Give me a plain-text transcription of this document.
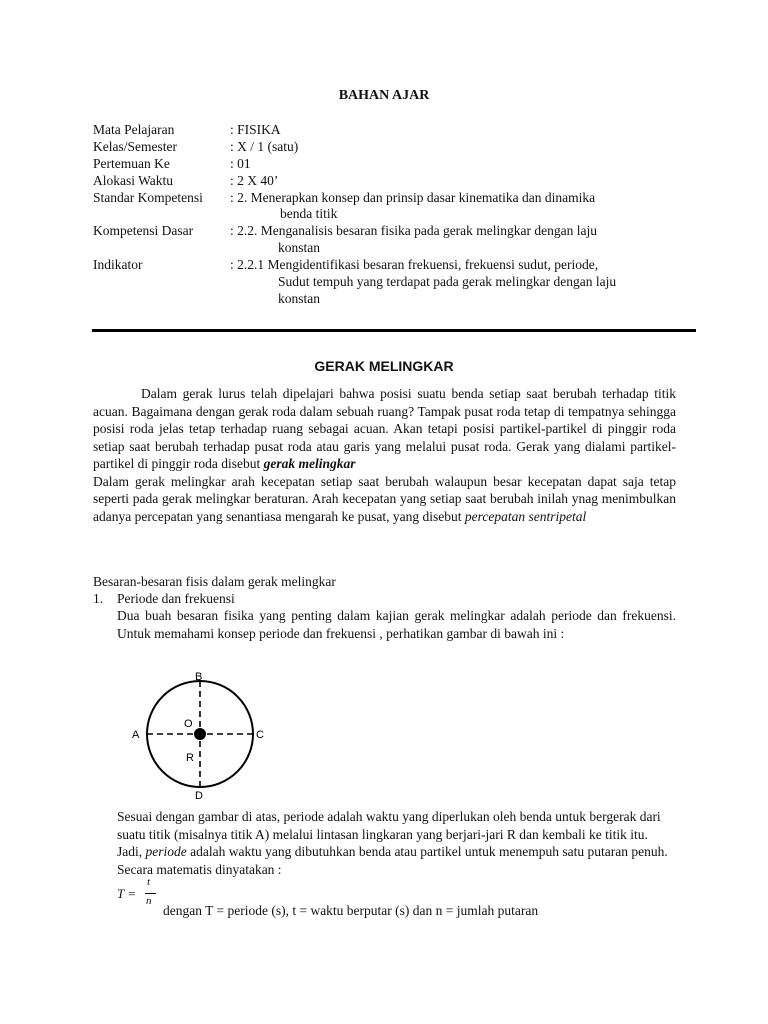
BAHAN AJAR
Mata Pelajaran	: FISIKA
Kelas/Semester	: X / 1 (satu)
Pertemuan Ke	: 01
Alokasi Waktu	: 2 X 40’
Standar Kompetensi : 2. Menerapkan konsep dan prinsip dasar kinematika dan dinamika
benda titik
Kompetensi Dasar	: 2.2. Menganalisis besaran fisika pada gerak melingkar dengan laju
konstan
Indikator	: 2.2.1 Mengidentifikasi besaran frekuensi, frekuensi sudut, periode,
Sudut tempuh yang terdapat pada gerak melingkar dengan laju
konstan
GERAK MELINGKAR

Dalam gerak lurus telah dipelajari bahwa posisi suatu benda setiap saat berubah terhadap titik acuan. Bagaimana dengan gerak roda dalam sebuah ruang? Tampak pusat roda tetap di tempatnya sehingga posisi roda jelas tetap terhadap ruang sebagai acuan. Akan tetapi posisi partikel-partikel di pinggir roda setiap saat berubah terhadap pusat roda atau garis yang melalui pusat roda. Gerak yang dialami partikel-partikel di pinggir roda disebut gerak melingkar

Dalam gerak melingkar arah kecepatan setiap saat berubah walaupun besar kecepatan dapat saja tetap seperti pada gerak melingkar beraturan. Arah kecepatan yang setiap saat berubah inilah ynag menimbulkan adanya percepatan yang senantiasa mengarah ke pusat, yang disebut percepatan sentripetal

Besaran-besaran fisis dalam gerak melingkar
1. Periode dan frekuensi
Dua buah besaran fisika yang penting dalam kajian gerak melingkar adalah periode dan frekuensi. Untuk memahami konsep periode dan frekuensi , perhatikan gambar di bawah ini :
B
A	C
D
O
R
Sesuai dengan gambar di atas, periode adalah waktu yang diperlukan oleh benda untuk bergerak dari suatu titik (misalnya titik A) melalui lintasan lingkaran yang berjari-jari R dan kembali ke titik itu. Jadi, periode adalah waktu yang dibutuhkan benda atau partikel untuk menempuh satu putaran penuh. Secara matematis dinyatakan :
T =
t
n
dengan T = periode (s), t = waktu berputar (s) dan n = jumlah putaran
